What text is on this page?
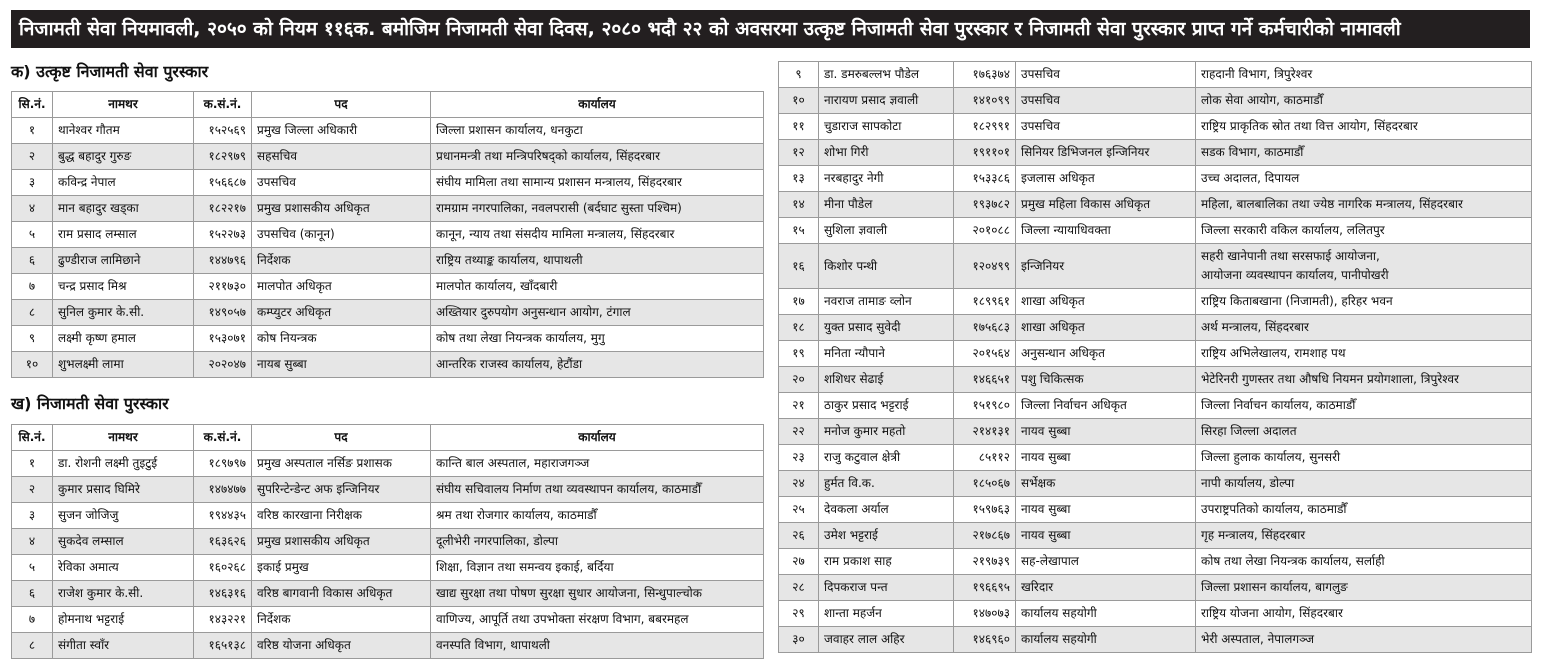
निजामती सेवा नियमावली, २०५० को नियम ११६क. बमोजिम निजामती सेवा दिवस, २०८० भदौ २२ को अवसरमा उत्कृष्ट निजामती सेवा पुरस्कार र निजामती सेवा पुरस्कार प्राप्त गर्ने कर्मचारीको नामावली
क) उत्कृष्ट निजामती सेवा पुरस्कार
सि.नं.	नामथर	क.सं.नं.	पद	कार्यालय
१	थानेश्वर गौतम	१५२५६९	प्रमुख जिल्ला अधिकारी	जिल्ला प्रशासन कार्यालय, धनकुटा
२	बुद्ध बहादुर गुरुङ	१८२९७९	सहसचिव	प्रधानमन्त्री तथा मन्त्रिपरिषद्को कार्यालय, सिंहदरबार
३	कविन्द्र नेपाल	१५६६८७	उपसचिव	संघीय मामिला तथा सामान्य प्रशासन मन्त्रालय, सिंहदरबार
४	मान बहादुर खड्का	१८२२१७	प्रमुख प्रशासकीय अधिकृत	रामग्राम नगरपालिका, नवलपरासी (बर्दघाट सुस्ता पश्चिम)
५	राम प्रसाद लम्साल	१५२२७३	उपसचिव (कानून)	कानून, न्याय तथा संसदीय मामिला मन्त्रालय, सिंहदरबार
६	ढुण्डीराज लामिछाने	१४४७९६	निर्देशक	राष्ट्रिय तथ्याङ्क कार्यालय, थापाथली
७	चन्द्र प्रसाद मिश्र	२११७३०	मालपोत अधिकृत	मालपोत कार्यालय, खाँदबारी
८	सुनिल कुमार के.सी.	१४९०५७	कम्प्युटर अधिकृत	अख्तियार दुरुपयोग अनुसन्धान आयोग, टंगाल
९	लक्ष्मी कृष्ण हमाल	१५३०७१	कोष नियन्त्रक	कोष तथा लेखा नियन्त्रक कार्यालय, मुगु
१०	शुभलक्ष्मी लामा	२०२०४७	नायब सुब्बा	आन्तरिक राजस्व कार्यालय, हेटौंडा
ख) निजामती सेवा पुरस्कार
सि.नं.	नामथर	क.सं.नं.	पद	कार्यालय
१	डा. रोशनी लक्ष्मी तुइटुई	१८९७९७	प्रमुख अस्पताल नर्सिङ प्रशासक	कान्ति बाल अस्पताल, महाराजगञ्ज
२	कुमार प्रसाद घिमिरे	१४७४७७	सुपरिन्टेन्डेन्ट अफ इन्जिनियर	संघीय सचिवालय निर्माण तथा व्यवस्थापन कार्यालय, काठमाडौँ
३	सुजन जोजिजु	१९४४३५	वरिष्ठ कारखाना निरीक्षक	श्रम तथा रोजगार कार्यालय, काठमाडौँ
४	सुकदेव लम्साल	१६३६२६	प्रमुख प्रशासकीय अधिकृत	दूलीभेरी नगरपालिका, डोल्पा
५	रेविका अमात्य	१६०२६८	इकाई प्रमुख	शिक्षा, विज्ञान तथा समन्वय इकाई, बर्दिया
६	राजेश कुमार के.सी.	१४६३१६	वरिष्ठ बागवानी विकास अधिकृत	खाद्य सुरक्षा तथा पोषण सुरक्षा सुधार आयोजना, सिन्धुपाल्चोक
७	होमनाथ भट्टराई	१४३२२१	निर्देशक	वाणिज्य, आपूर्ति तथा उपभोक्ता संरक्षण विभाग, बबरमहल
८	संगीता स्वाँर	१६५१३८	वरिष्ठ योजना अधिकृत	वनस्पति विभाग, थापाथली
९	डा. डमरुबल्लभ पौडेल	१७६३७४	उपसचिव	राहदानी विभाग, त्रिपुरेश्वर
१०	नारायण प्रसाद ज्ञवाली	१४१०९९	उपसचिव	लोक सेवा आयोग, काठमाडौँ
११	चुडाराज सापकोटा	१८२९९१	उपसचिव	राष्ट्रिय प्राकृतिक स्रोत तथा वित्त आयोग, सिंहदरबार
१२	शोभा गिरी	१९११०१	सिनियर डिभिजनल इन्जिनियर	सडक विभाग, काठमाडौँ
१३	नरबहादुर नेगी	१५३३८६	इजलास अधिकृत	उच्च अदालत, दिपायल
१४	मीना पौडेल	१९३७८२	प्रमुख महिला विकास अधिकृत	महिला, बालबालिका तथा ज्येष्ठ नागरिक मन्त्रालय, सिंहदरबार
१५	सुशिला ज्ञवाली	२०१०८८	जिल्ला न्यायाधिवक्ता	जिल्ला सरकारी वकिल कार्यालय, ललितपुर
१६	किशोर पन्थी	१२०४९९	इन्जिनियर	सहरी खानेपानी तथा सरसफाई आयोजना,
आयोजना व्यवस्थापन कार्यालय, पानीपोखरी

१७	नवराज तामाङ व्लोन	१८९९६१	शाखा अधिकृत	राष्ट्रिय किताबखाना (निजामती), हरिहर भवन
१८	युक्त प्रसाद सुवेदी	१७५६८३	शाखा अधिकृत	अर्थ मन्त्रालय, सिंहदरबार
१९	मनिता न्यौपाने	२०१५६४	अनुसन्धान अधिकृत	राष्ट्रिय अभिलेखालय, रामशाह पथ
२०	शशिधर सेढाई	१४६६५१	पशु चिकित्सक	भेटेरिनरी गुणस्तर तथा औषधि नियमन प्रयोगशाला, त्रिपुरेश्वर
२१	ठाकुर प्रसाद भट्टराई	१५१९८०	जिल्ला निर्वाचन अधिकृत	जिल्ला निर्वाचन कार्यालय, काठमाडौँ
२२	मनोज कुमार महतो	२१४१३१	नायव सुब्बा	सिरहा जिल्ला अदालत
२३	राजु कटुवाल क्षेत्री	८५११२	नायव सुब्बा	जिल्ला हुलाक कार्यालय, सुनसरी
२४	हुर्मत वि.क.	१८५०६७	सर्भेक्षक	नापी कार्यालय, डोल्पा
२५	देवकला अर्याल	१५९७६३	नायव सुब्बा	उपराष्ट्रपतिको कार्यालय, काठमाडौँ
२६	उमेश भट्टराई	२१७८६७	नायव सुब्बा	गृह मन्त्रालय, सिंहदरबार
२७	राम प्रकाश साह	२१९७३९	सह-लेखापाल	कोष तथा लेखा नियन्त्रक कार्यालय, सर्लाही
२८	दिपकराज पन्त	१९६६९५	खरिदार	जिल्ला प्रशासन कार्यालय, बागलुङ
२९	शान्ता महर्जन	१४७०७३	कार्यालय सहयोगी	राष्ट्रिय योजना आयोग, सिंहदरबार
३०	जवाहर लाल अहिर	१४६९६०	कार्यालय सहयोगी	भेरी अस्पताल, नेपालगञ्ज
